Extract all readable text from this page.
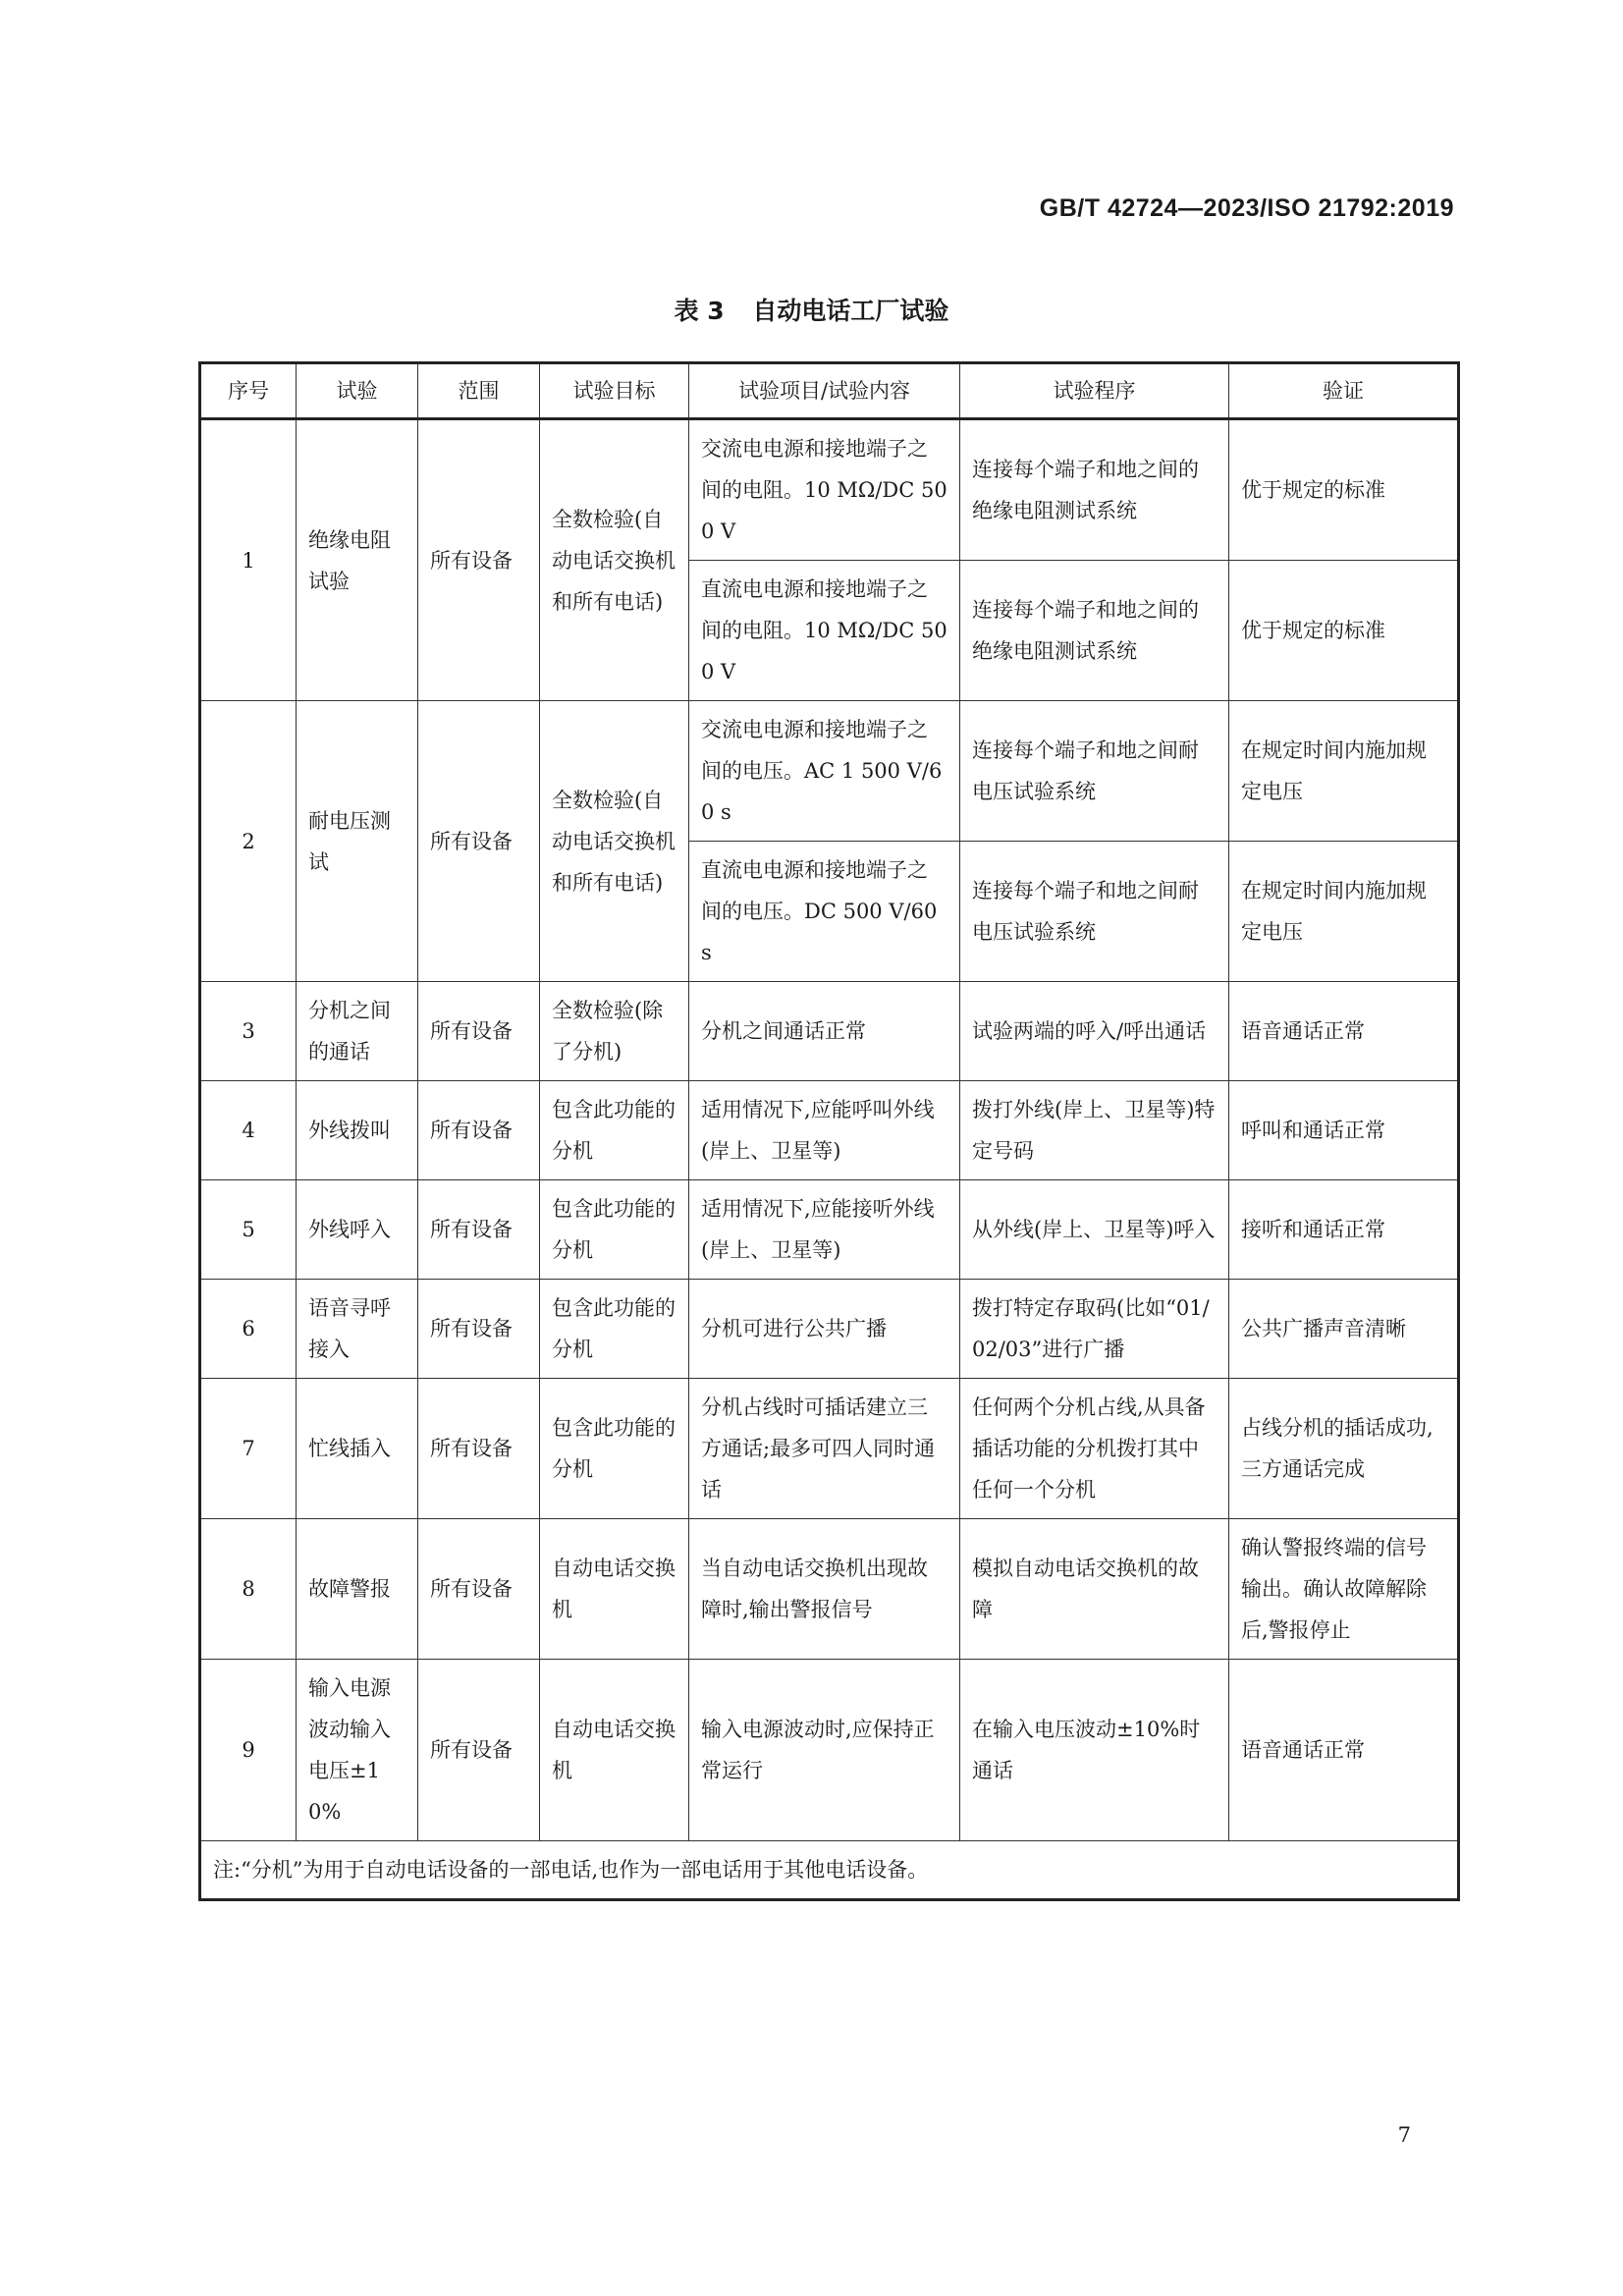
GB/T 42724—2023/ISO 21792:2019
表 3 自动电话工厂试验
序号	试验	范围	试验目标	试验项目/试验内容	试验程序	验证
1	绝缘电阻试验	所有设备	全数检验(自动电话交换机和所有电话)	交流电电源和接地端子之间的电阻。10 MΩ/DC 500 V	连接每个端子和地之间的绝缘电阻测试系统	优于规定的标准
				直流电电源和接地端子之间的电阻。10 MΩ/DC 500 V	连接每个端子和地之间的绝缘电阻测试系统	优于规定的标准
2	耐电压测试	所有设备	全数检验(自动电话交换机和所有电话)	交流电电源和接地端子之间的电压。AC 1 500 V/60 s	连接每个端子和地之间耐电压试验系统	在规定时间内施加规定电压
				直流电电源和接地端子之间的电压。DC 500 V/60 s	连接每个端子和地之间耐电压试验系统	在规定时间内施加规定电压
3	分机之间的通话	所有设备	全数检验(除了分机)	分机之间通话正常	试验两端的呼入/呼出通话	语音通话正常
4	外线拨叫	所有设备	包含此功能的分机	适用情况下,应能呼叫外线(岸上、卫星等)	拨打外线(岸上、卫星等)特定号码	呼叫和通话正常
5	外线呼入	所有设备	包含此功能的分机	适用情况下,应能接听外线(岸上、卫星等)	从外线(岸上、卫星等)呼入	接听和通话正常
6	语音寻呼接入	所有设备	包含此功能的分机	分机可进行公共广播	拨打特定存取码(比如“01/02/03”进行广播	公共广播声音清晰
7	忙线插入	所有设备	包含此功能的分机	分机占线时可插话建立三方通话;最多可四人同时通话	任何两个分机占线,从具备插话功能的分机拨打其中任何一个分机	占线分机的插话成功,三方通话完成
8	故障警报	所有设备	自动电话交换机	当自动电话交换机出现故障时,输出警报信号	模拟自动电话交换机的故障	确认警报终端的信号输出。确认故障解除后,警报停止
9	输入电源波动输入电压±10%	所有设备	自动电话交换机	输入电源波动时,应保持正常运行	在输入电压波动±10%时通话	语音通话正常
注:“分机”为用于自动电话设备的一部电话,也作为一部电话用于其他电话设备。						
7
